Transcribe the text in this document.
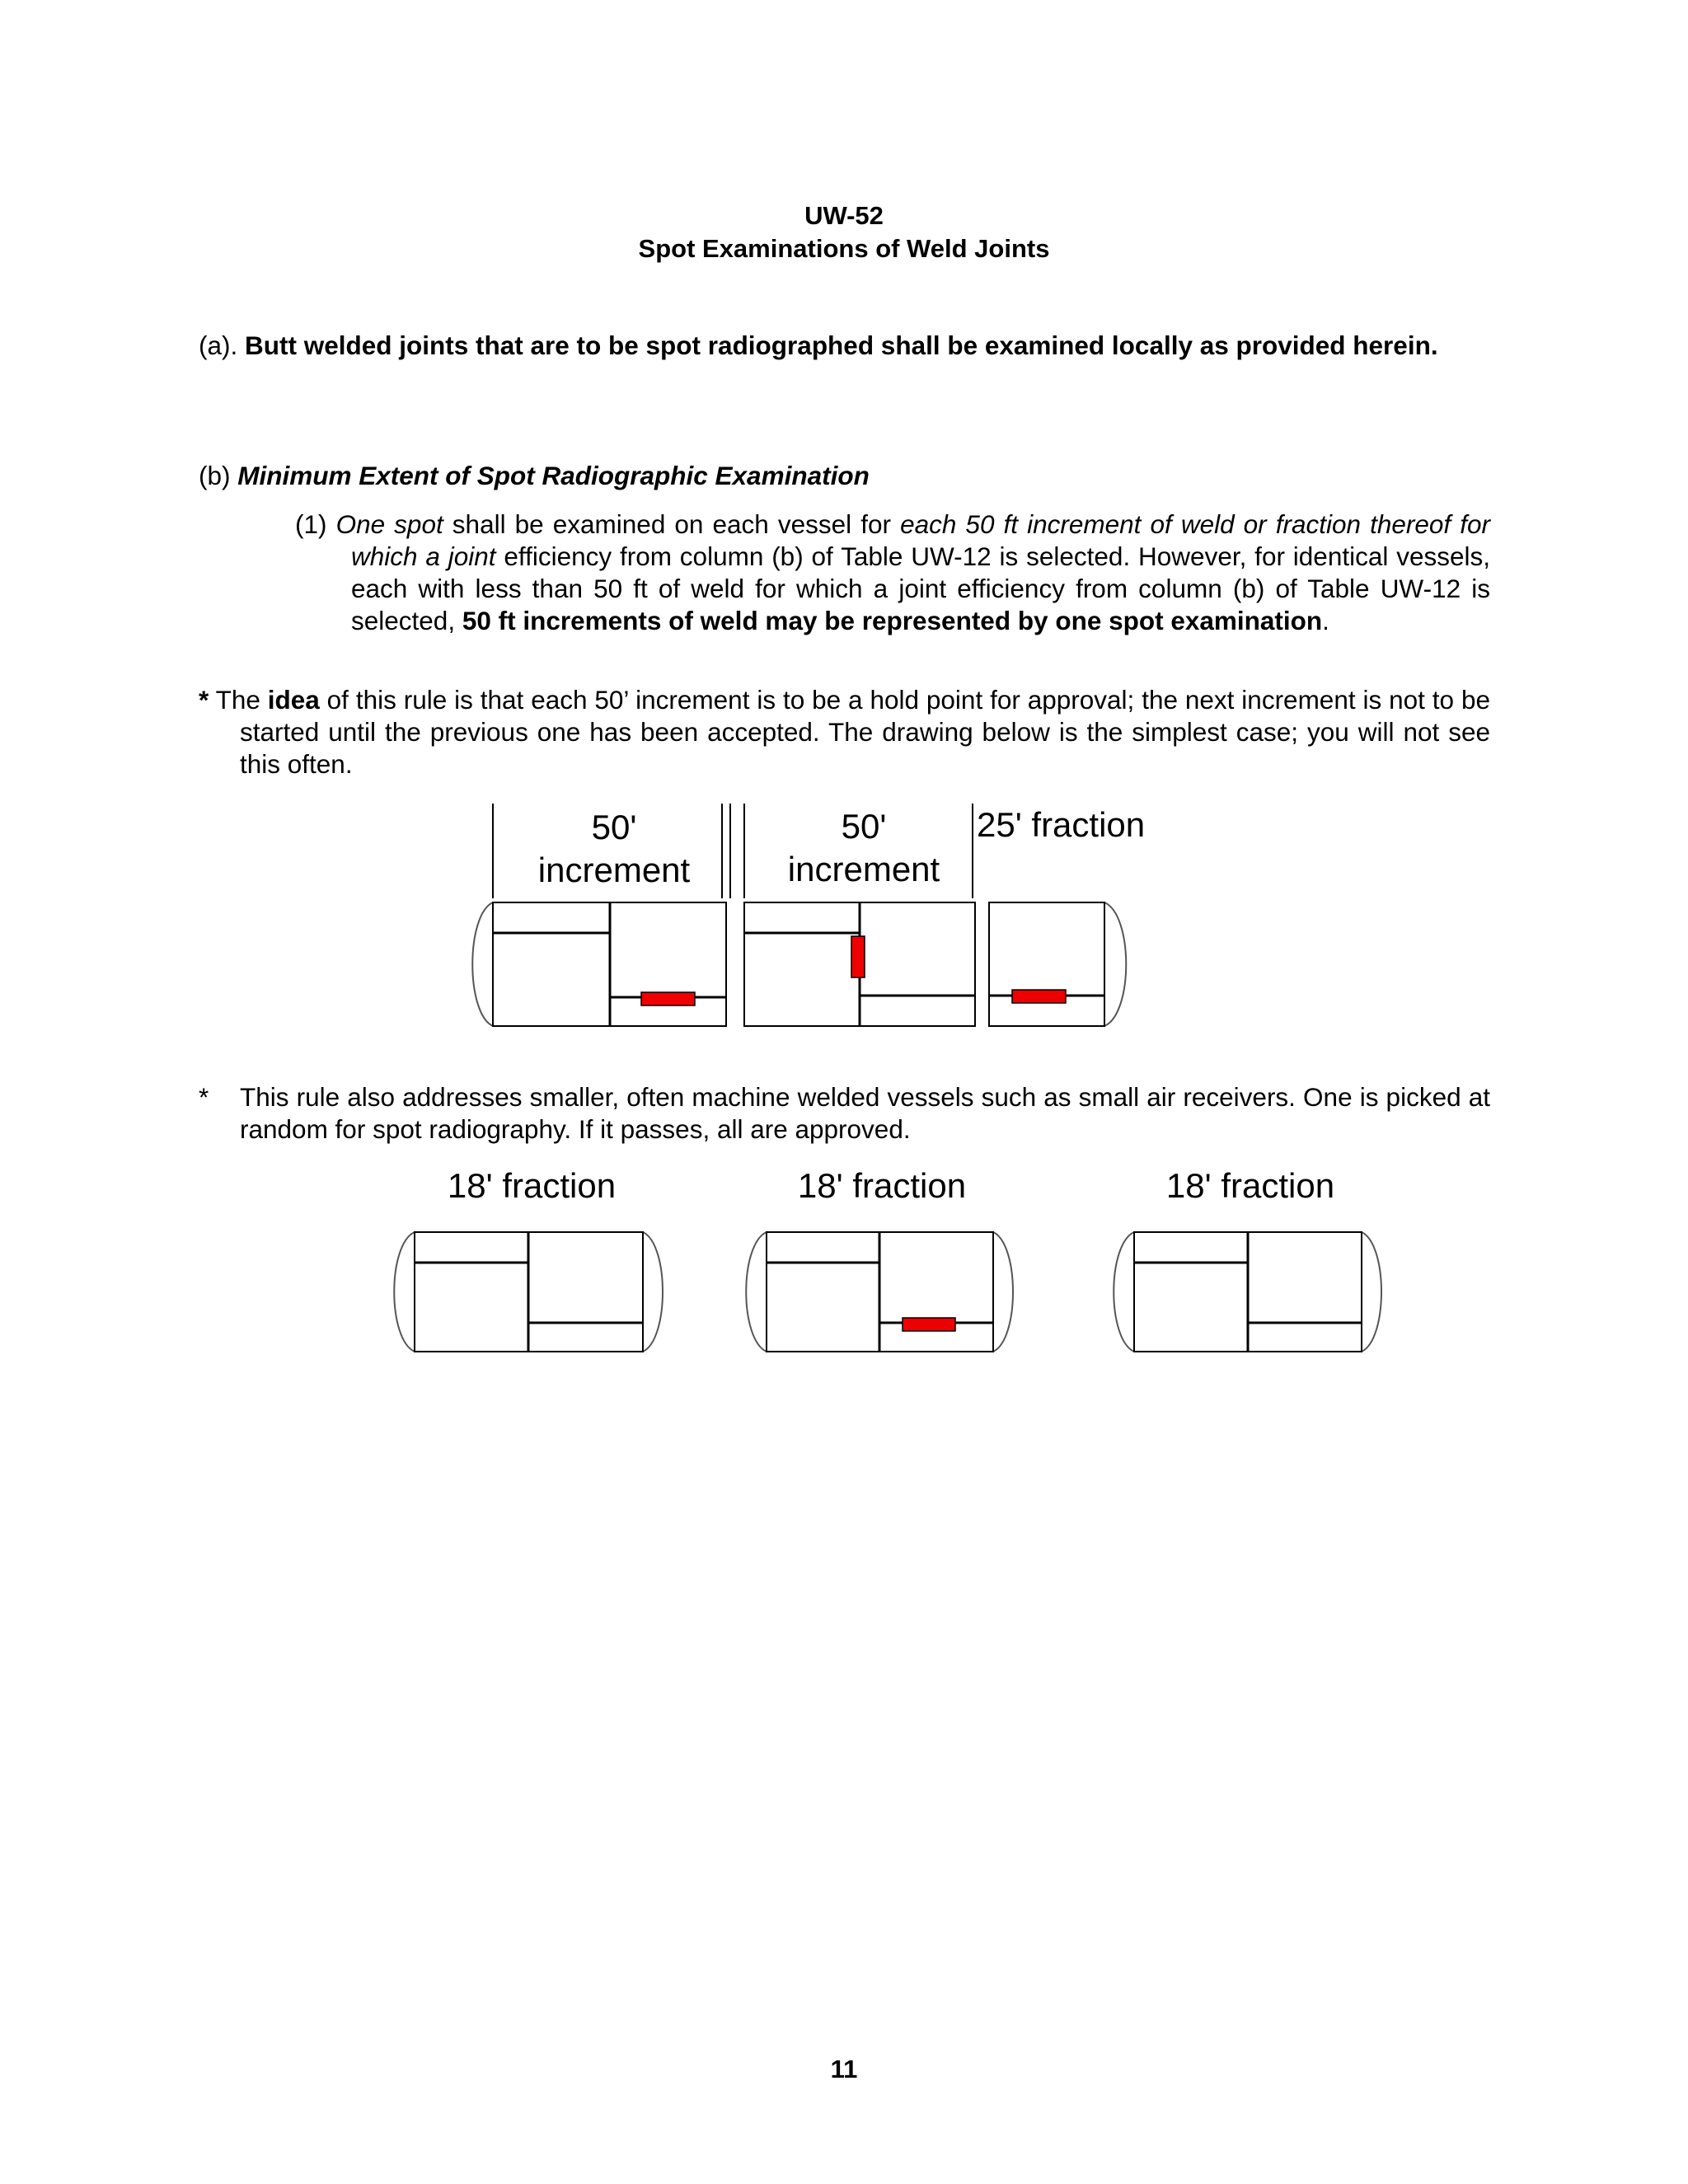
UW-52
Spot Examinations of Weld Joints
(a). Butt welded joints that are to be spot radiographed shall be examined locally as provided herein.
(b) Minimum Extent of Spot Radiographic Examination
(1) One spot shall be examined on each vessel for each 50 ft increment of weld or fraction thereof for which a joint efficiency from column (b) of Table UW-12 is selected. However, for identical vessels, each with less than 50 ft of weld for which a joint efficiency from column (b) of Table UW-12 is selected, 50 ft increments of weld may be represented by one spot examination.
* The idea of this rule is that each 50’ increment is to be a hold point for approval; the next increment is not to be started until the previous one has been accepted. The drawing below is the simplest case; you will not see this often.
50'
increment
50'
increment
25' fraction
* This rule also addresses smaller, often machine welded vessels such as small air receivers. One is picked at random for spot radiography. If it passes, all are approved.
18' fraction	18' fraction	18' fraction
11
